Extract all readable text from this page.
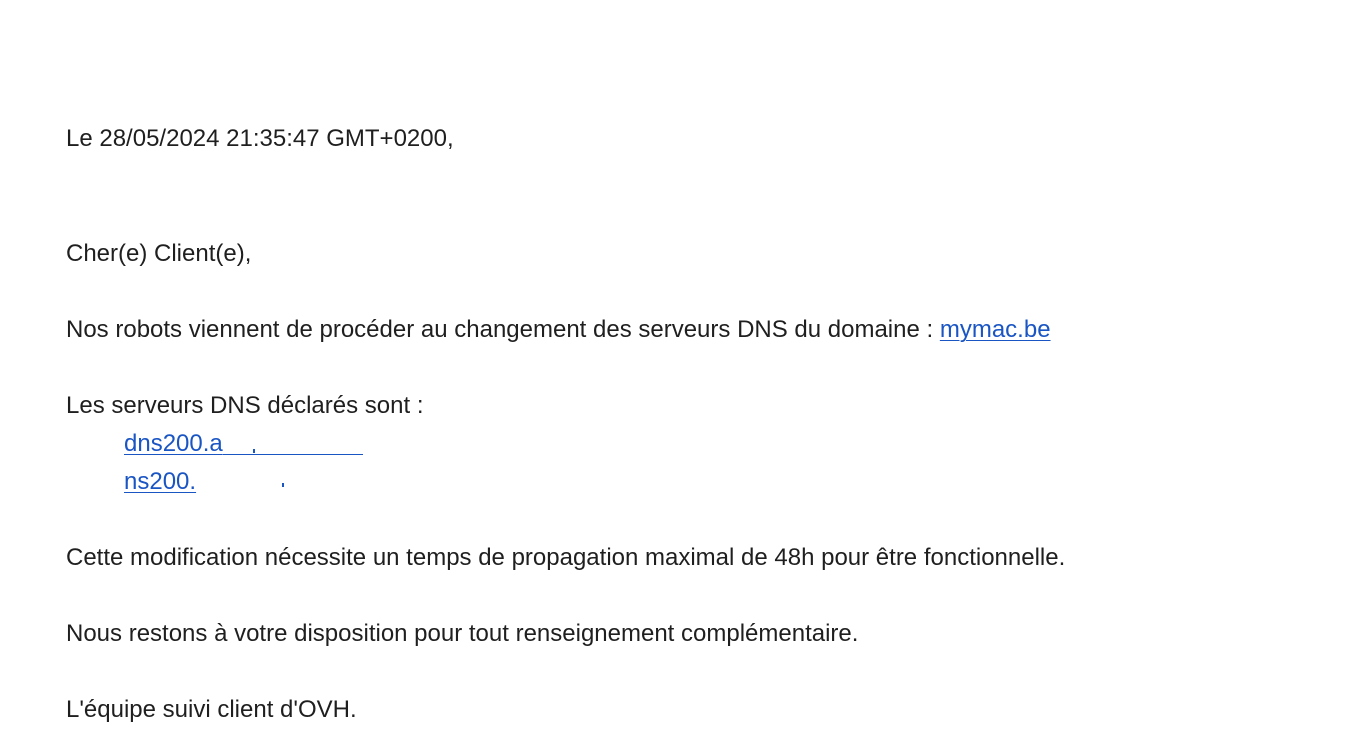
Le 28/05/2024 21:35:47 GMT+0200,
Cher(e) Client(e),
Nos robots viennent de procéder au changement des serveurs DNS du domaine : mymac.be
Les serveurs DNS déclarés sont :
dns200.a
ns200.
Cette modification nécessite un temps de propagation maximal de 48h pour être fonctionnelle.
Nous restons à votre disposition pour tout renseignement complémentaire.
L'équipe suivi client d'OVH.
